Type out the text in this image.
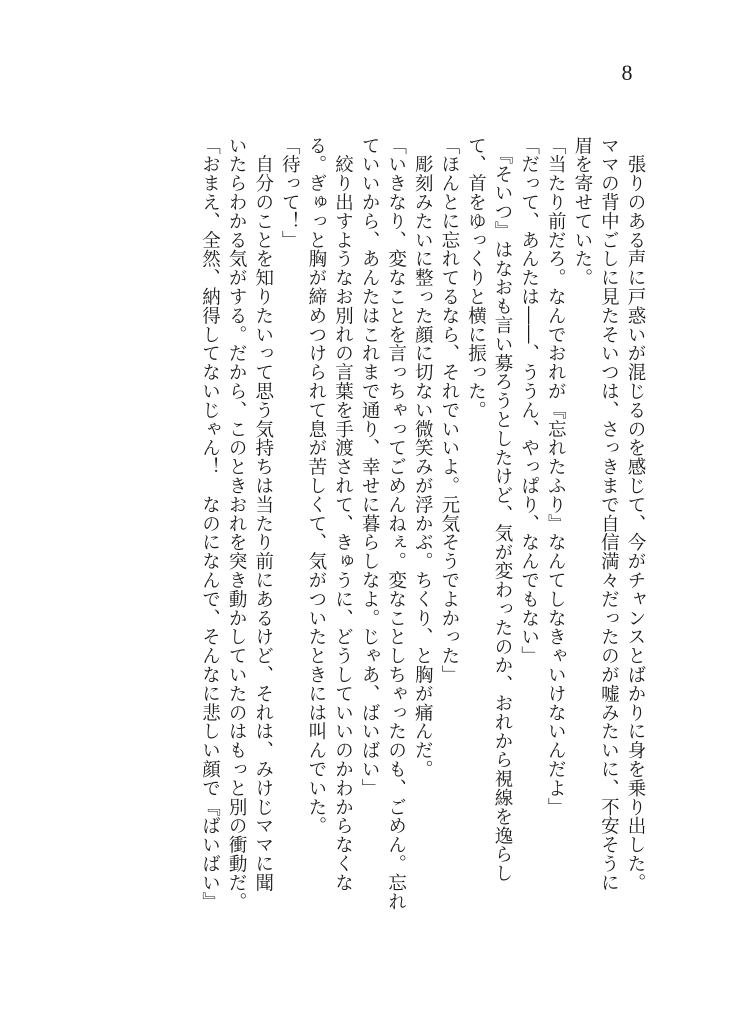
8
　張りのある声に戸惑いが混じるのを感じて、今がチャンスとばかりに身を乗り出した。
ママの背中ごしに見たそいつは、さっきまで自信満々だったのが嘘みたいに、不安そうに
眉を寄せていた。
「当たり前だろ。なんでおれが『忘れたふり』なんてしなきゃいけないんだよ」
「だって、あんたは――、ううん、やっぱり、なんでもない」
　『そいつ』はなおも言い募ろうとしたけど、気が変わったのか、おれから視線を逸らし
て、首をゆっくりと横に振った。
「ほんとに忘れてるなら、それでいいよ。元気そうでよかった」
　彫刻みたいに整った顔に切ない微笑みが浮かぶ。ちくり、と胸が痛んだ。
「いきなり、変なことを言っちゃってごめんねぇ。変なことしちゃったのも、ごめん。忘れ
ていいから、あんたはこれまで通り、幸せに暮らしなよ。じゃあ、ばいばい」
　絞り出すようなお別れの言葉を手渡されて、きゅうに、どうしていいのかわからなくな
る。ぎゅっと胸が締めつけられて息が苦しくて、気がついたときには叫んでいた。
「待って！」
　自分のことを知りたいって思う気持ちは当たり前にあるけど、それは、みけじママに聞
いたらわかる気がする。だから、このときおれを突き動かしていたのはもっと別の衝動だ。
「おまえ、全然、納得してないじゃん！　なのになんで、そんなに悲しい顔で『ばいばい』
